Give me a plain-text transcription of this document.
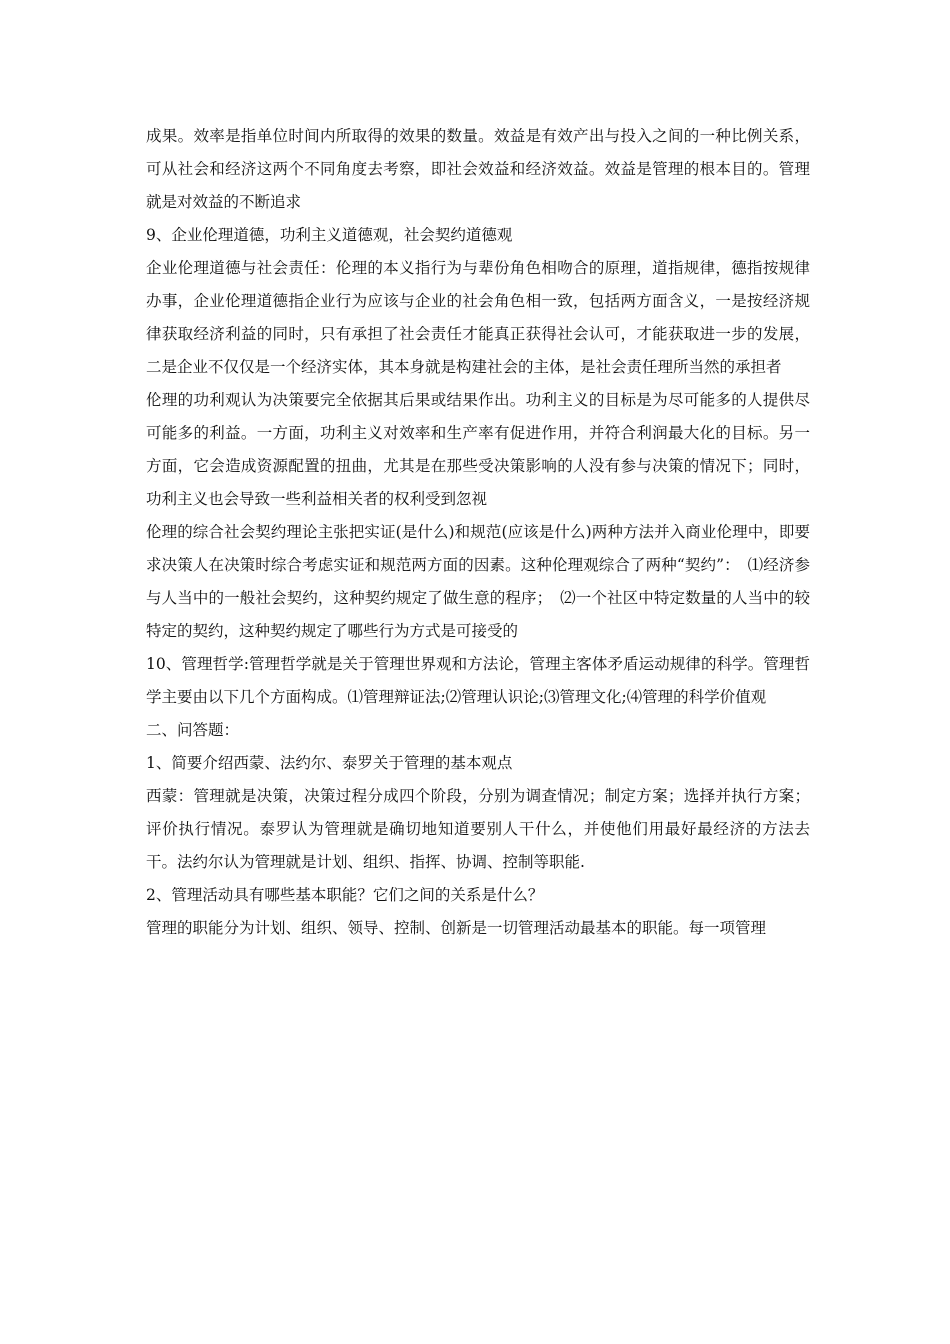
成果。效率是指单位时间内所取得的效果的数量。效益是有效产出与投入之间的一种比例关系，可从社会和经济这两个不同角度去考察，即社会效益和经济效益。效益是管理的根本目的。管理就是对效益的不断追求

9、企业伦理道德，功利主义道德观，社会契约道德观

企业伦理道德与社会责任：伦理的本义指行为与辈份角色相吻合的原理，道指规律，德指按规律办事，企业伦理道德指企业行为应该与企业的社会角色相一致，包括两方面含义，一是按经济规律获取经济利益的同时，只有承担了社会责任才能真正获得社会认可，才能获取进一步的发展，二是企业不仅仅是一个经济实体，其本身就是构建社会的主体，是社会责任理所当然的承担者

伦理的功利观认为决策要完全依据其后果或结果作出。功利主义的目标是为尽可能多的人提供尽可能多的利益。一方面，功利主义对效率和生产率有促进作用，并符合利润最大化的目标。另一方面，它会造成资源配置的扭曲，尤其是在那些受决策影响的人没有参与决策的情况下；同时，功利主义也会导致一些利益相关者的权利受到忽视

伦理的综合社会契约理论主张把实证(是什么)和规范(应该是什么)两种方法并入商业伦理中，即要求决策人在决策时综合考虑实证和规范两方面的因素。这种伦理观综合了两种“契约”：　⑴经济参与人当中的一般社会契约，这种契约规定了做生意的程序；　⑵一个社区中特定数量的人当中的较特定的契约，这种契约规定了哪些行为方式是可接受的

10、管理哲学:管理哲学就是关于管理世界观和方法论，管理主客体矛盾运动规律的科学。管理哲学主要由以下几个方面构成。⑴管理辩证法;⑵管理认识论;⑶管理文化;⑷管理的科学价值观

二、问答题：

1、简要介绍西蒙、法约尔、泰罗关于管理的基本观点

西蒙：管理就是决策，决策过程分成四个阶段，分别为调查情况；制定方案；选择并执行方案；评价执行情况。泰罗认为管理就是确切地知道要别人干什么，并使他们用最好最经济的方法去干。法约尔认为管理就是计划、组织、指挥、协调、控制等职能.

2、管理活动具有哪些基本职能？它们之间的关系是什么？

管理的职能分为计划、组织、领导、控制、创新是一切管理活动最基本的职能。每一项管理
